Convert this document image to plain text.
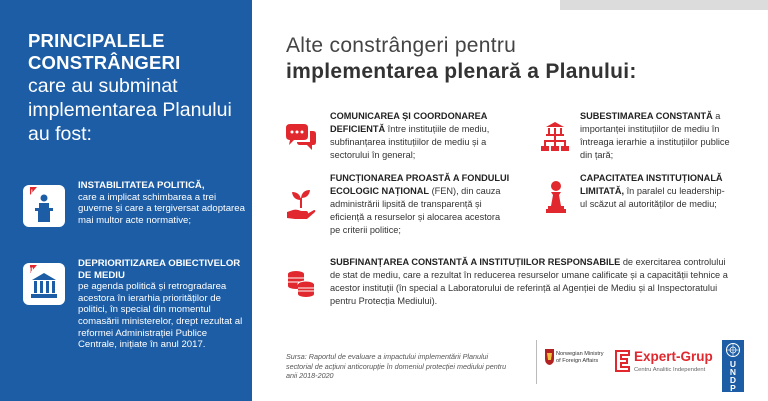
PRINCIPALELE CONSTRÂNGERI
care au subminat implementarea Planului au fost:
I.
INSTABILITATEA POLITICĂ,
care a implicat schimbarea a trei guverne și care a tergiversat adoptarea mai multor acte normative;
II.
DEPRIORITIZAREA OBIECTIVELOR DE MEDIU
pe agenda politică și retrogradarea acestora în ierarhia priorităților de politici, în special din momentul comasării ministerelor, drept rezultat al reformei Administrației Publice Centrale, inițiate în anul 2017.
Alte constrângeri pentru
implementarea plenară a Planului:
COMUNICAREA ȘI COORDONAREA DEFICIENTĂ între instituțiile de mediu, subfinanțarea instituțiilor de mediu și a sectorului în general;
SUBESTIMAREA CONSTANTĂ a importanței instituțiilor de mediu în întreaga ierarhie a instituțiilor publice din țară;
FUNCȚIONAREA PROASTĂ A FONDULUI ECOLOGIC NAȚIONAL (FEN), din cauza administrării lipsită de transparență și eficiență a resurselor și alocarea acestora pe criterii politice;
CAPACITATEA INSTITUȚIONALĂ LIMITATĂ, în paralel cu leadership-ul scăzut al autorităților de mediu;
SUBFINANȚAREA CONSTANTĂ A INSTITUȚIILOR RESPONSABILE de exercitarea controlului de stat de mediu, care a rezultat în reducerea resurselor umane calificate și a capacității tehnice a acestor instituții (în special a Laboratorului de referință al Agenției de Mediu și al Inspectoratului pentru Protecția Mediului).
Sursa: Raportul de evaluare a impactului implementării Planului sectorial de acțiuni anticorupție în domeniul protecției mediului pentru anii 2018-2020
Norwegian Ministry of Foreign Affairs	Expert-Grup
Centru Analitic Independent
U
N
D
P
